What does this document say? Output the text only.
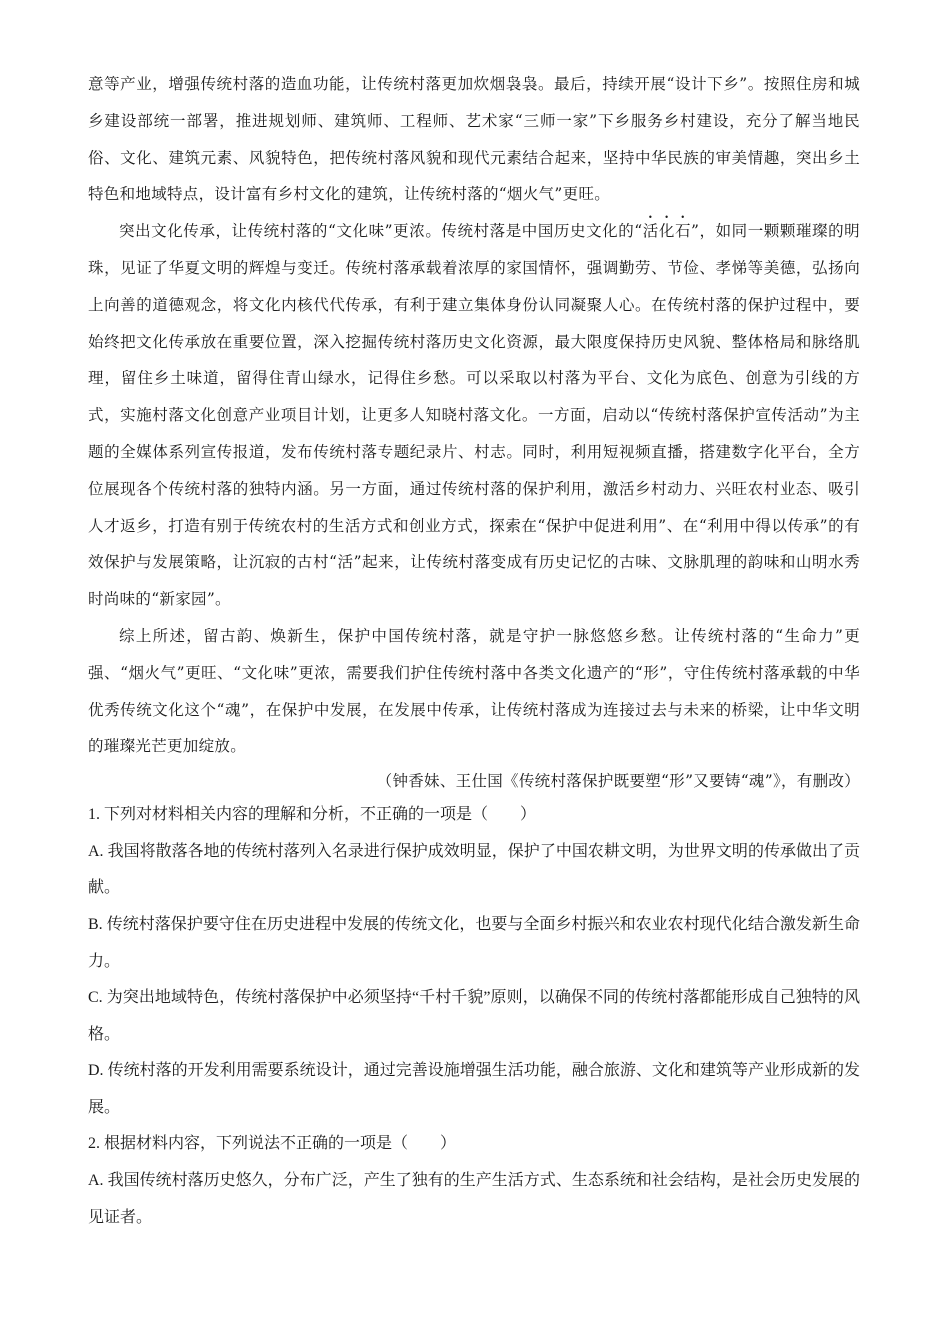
意等产业，增强传统村落的造血功能，让传统村落更加炊烟袅袅。最后，持续开展“设计下乡”。按照住房和城乡建设部统一部署，推进规划师、建筑师、工程师、艺术家“三师一家”下乡服务乡村建设，充分了解当地民俗、文化、建筑元素、风貌特色，把传统村落风貌和现代元素结合起来，坚持中华民族的审美情趣，突出乡土特色和地域特点，设计富有乡村文化的建筑，让传统村落的“烟火气”更旺。

突出文化传承，让传统村落的“文化味”更浓。传统村落是中国历史文化的“活化石”，如同一颗颗璀璨的明珠，见证了华夏文明的辉煌与变迁。传统村落承载着浓厚的家国情怀，强调勤劳、节俭、孝悌等美德，弘扬向上向善的道德观念，将文化内核代代传承，有利于建立集体身份认同凝聚人心。在传统村落的保护过程中，要始终把文化传承放在重要位置，深入挖掘传统村落历史文化资源，最大限度保持历史风貌、整体格局和脉络肌理，留住乡土味道，留得住青山绿水，记得住乡愁。可以采取以村落为平台、文化为底色、创意为引线的方式，实施村落文化创意产业项目计划，让更多人知晓村落文化。一方面，启动以“传统村落保护宣传活动”为主题的全媒体系列宣传报道，发布传统村落专题纪录片、村志。同时，利用短视频直播，搭建数字化平台，全方位展现各个传统村落的独特内涵。另一方面，通过传统村落的保护利用，激活乡村动力、兴旺农村业态、吸引人才返乡，打造有别于传统农村的生活方式和创业方式，探索在“保护中促进利用”、在“利用中得以传承”的有效保护与发展策略，让沉寂的古村“活”起来，让传统村落变成有历史记忆的古味、文脉肌理的韵味和山明水秀时尚味的“新家园”。

综上所述，留古韵、焕新生，保护中国传统村落，就是守护一脉悠悠乡愁。让传统村落的“生命力”更强、“烟火气”更旺、“文化味”更浓，需要我们护住传统村落中各类文化遗产的“形”，守住传统村落承载的中华优秀传统文化这个“魂”，在保护中发展，在发展中传承，让传统村落成为连接过去与未来的桥梁，让中华文明的璀璨光芒更加绽放。

（钟香妹、王仕国《传统村落保护既要塑“形”又要铸“魂”》，有删改）

1. 下列对材料相关内容的理解和分析，不正确的一项是（　　）

A. 我国将散落各地的传统村落列入名录进行保护成效明显，保护了中国农耕文明，为世界文明的传承做出了贡献。

B. 传统村落保护要守住在历史进程中发展的传统文化，也要与全面乡村振兴和农业农村现代化结合激发新生命力。

C. 为突出地域特色，传统村落保护中必须坚持“千村千貌”原则，以确保不同的传统村落都能形成自己独特的风格。

D. 传统村落的开发利用需要系统设计，通过完善设施增强生活功能，融合旅游、文化和建筑等产业形成新的发展。

2. 根据材料内容，下列说法不正确的一项是（　　）

A. 我国传统村落历史悠久，分布广泛，产生了独有的生产生活方式、生态系统和社会结构，是社会历史发展的见证者。
